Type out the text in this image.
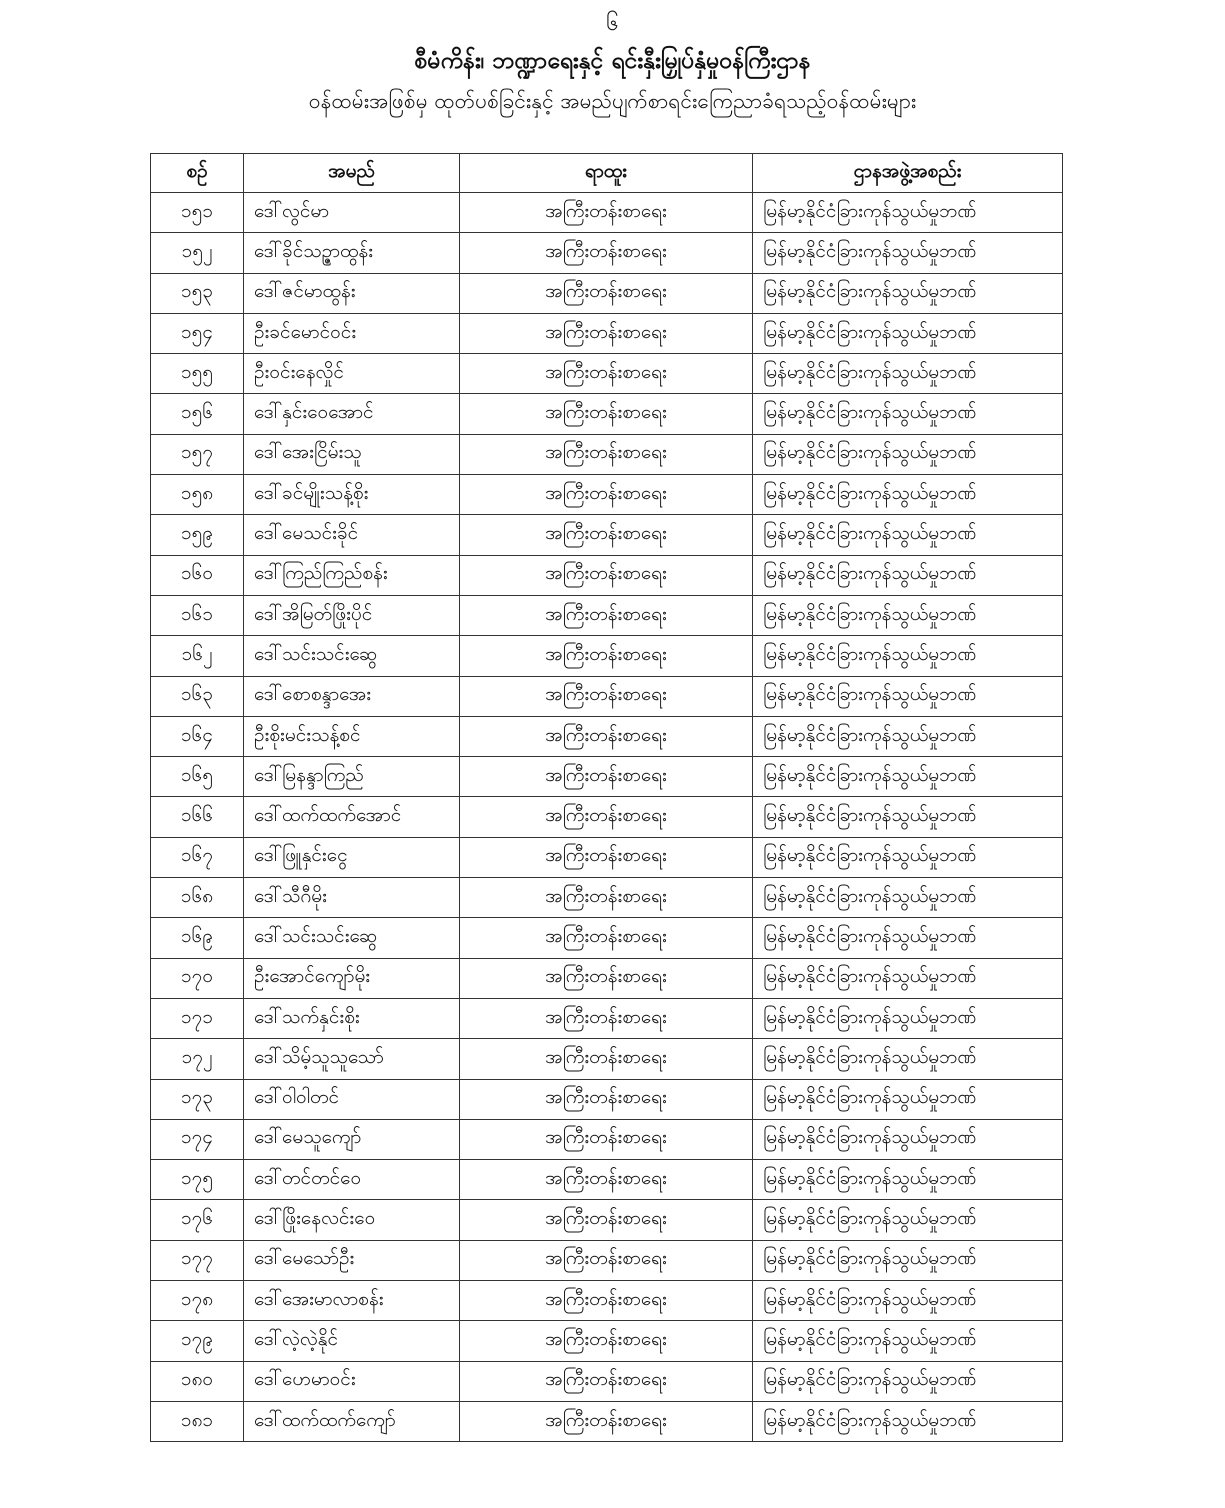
၆
စီမံကိန်း၊ ဘဏ္ဍာရေးနှင့် ရင်းနှီးမြှုပ်နှံမှုဝန်ကြီးဌာန
ဝန်ထမ်းအဖြစ်မှ ထုတ်ပစ်ခြင်းနှင့် အမည်ပျက်စာရင်းကြေညာခံရသည့်ဝန်ထမ်းများ
စဉ်	အမည်	ရာထူး	ဌာနအဖွဲ့အစည်း
၁၅၁	ဒေါ်လွင်မာ	အကြီးတန်းစာရေး	မြန်မာ့နိုင်ငံခြားကုန်သွယ်မှုဘဏ်
၁၅၂	ဒေါ်ခိုင်သဥ္ဇာထွန်း	အကြီးတန်းစာရေး	မြန်မာ့နိုင်ငံခြားကုန်သွယ်မှုဘဏ်
၁၅၃	ဒေါ်ဇင်မာထွန်း	အကြီးတန်းစာရေး	မြန်မာ့နိုင်ငံခြားကုန်သွယ်မှုဘဏ်
၁၅၄	ဦးခင်မောင်ဝင်း	အကြီးတန်းစာရေး	မြန်မာ့နိုင်ငံခြားကုန်သွယ်မှုဘဏ်
၁၅၅	ဦးဝင်းနေလှိုင်	အကြီးတန်းစာရေး	မြန်မာ့နိုင်ငံခြားကုန်သွယ်မှုဘဏ်
၁၅၆	ဒေါ်နှင်းဝေအောင်	အကြီးတန်းစာရေး	မြန်မာ့နိုင်ငံခြားကုန်သွယ်မှုဘဏ်
၁၅၇	ဒေါ်အေးငြိမ်းသူ	အကြီးတန်းစာရေး	မြန်မာ့နိုင်ငံခြားကုန်သွယ်မှုဘဏ်
၁၅၈	ဒေါ်ခင်မျိုးသန့်စိုး	အကြီးတန်းစာရေး	မြန်မာ့နိုင်ငံခြားကုန်သွယ်မှုဘဏ်
၁၅၉	ဒေါ်မေသင်းခိုင်	အကြီးတန်းစာရေး	မြန်မာ့နိုင်ငံခြားကုန်သွယ်မှုဘဏ်
၁၆၀	ဒေါ်ကြည်ကြည်စန်း	အကြီးတန်းစာရေး	မြန်မာ့နိုင်ငံခြားကုန်သွယ်မှုဘဏ်
၁၆၁	ဒေါ်အိမြတ်ဖြိုးပိုင်	အကြီးတန်းစာရေး	မြန်မာ့နိုင်ငံခြားကုန်သွယ်မှုဘဏ်
၁၆၂	ဒေါ်သင်းသင်းဆွေ	အကြီးတန်းစာရေး	မြန်မာ့နိုင်ငံခြားကုန်သွယ်မှုဘဏ်
၁၆၃	ဒေါ်စောစန္ဒာအေး	အကြီးတန်းစာရေး	မြန်မာ့နိုင်ငံခြားကုန်သွယ်မှုဘဏ်
၁၆၄	ဦးစိုးမင်းသန့်စင်	အကြီးတန်းစာရေး	မြန်မာ့နိုင်ငံခြားကုန်သွယ်မှုဘဏ်
၁၆၅	ဒေါ်မြနန္ဒာကြည်	အကြီးတန်းစာရေး	မြန်မာ့နိုင်ငံခြားကုန်သွယ်မှုဘဏ်
၁၆၆	ဒေါ်ထက်ထက်အောင်	အကြီးတန်းစာရေး	မြန်မာ့နိုင်ငံခြားကုန်သွယ်မှုဘဏ်
၁၆၇	ဒေါ်ဖြူနှင်းငွေ	အကြီးတန်းစာရေး	မြန်မာ့နိုင်ငံခြားကုန်သွယ်မှုဘဏ်
၁၆၈	ဒေါ်သီဂီမိုး	အကြီးတန်းစာရေး	မြန်မာ့နိုင်ငံခြားကုန်သွယ်မှုဘဏ်
၁၆၉	ဒေါ်သင်းသင်းဆွေ	အကြီးတန်းစာရေး	မြန်မာ့နိုင်ငံခြားကုန်သွယ်မှုဘဏ်
၁၇၀	ဦးအောင်ကျော်မိုး	အကြီးတန်းစာရေး	မြန်မာ့နိုင်ငံခြားကုန်သွယ်မှုဘဏ်
၁၇၁	ဒေါ်သက်နှင်းစိုး	အကြီးတန်းစာရေး	မြန်မာ့နိုင်ငံခြားကုန်သွယ်မှုဘဏ်
၁၇၂	ဒေါ်သိမ့်သူသူသော်	အကြီးတန်းစာရေး	မြန်မာ့နိုင်ငံခြားကုန်သွယ်မှုဘဏ်
၁၇၃	ဒေါ်ဝါဝါတင်	အကြီးတန်းစာရေး	မြန်မာ့နိုင်ငံခြားကုန်သွယ်မှုဘဏ်
၁၇၄	ဒေါ်မေသူကျော်	အကြီးတန်းစာရေး	မြန်မာ့နိုင်ငံခြားကုန်သွယ်မှုဘဏ်
၁၇၅	ဒေါ်တင်တင်ဝေ	အကြီးတန်းစာရေး	မြန်မာ့နိုင်ငံခြားကုန်သွယ်မှုဘဏ်
၁၇၆	ဒေါ်ဖြိုးနေလင်းဝေ	အကြီးတန်းစာရေး	မြန်မာ့နိုင်ငံခြားကုန်သွယ်မှုဘဏ်
၁၇၇	ဒေါ်မေသော်ဦး	အကြီးတန်းစာရေး	မြန်မာ့နိုင်ငံခြားကုန်သွယ်မှုဘဏ်
၁၇၈	ဒေါ်အေးမာလာစန်း	အကြီးတန်းစာရေး	မြန်မာ့နိုင်ငံခြားကုန်သွယ်မှုဘဏ်
၁၇၉	ဒေါ်လဲ့လဲ့နိုင်	အကြီးတန်းစာရေး	မြန်မာ့နိုင်ငံခြားကုန်သွယ်မှုဘဏ်
၁၈၀	ဒေါ်ဟေမာဝင်း	အကြီးတန်းစာရေး	မြန်မာ့နိုင်ငံခြားကုန်သွယ်မှုဘဏ်
၁၈၁	ဒေါ်ထက်ထက်ကျော်	အကြီးတန်းစာရေး	မြန်မာ့နိုင်ငံခြားကုန်သွယ်မှုဘဏ်
